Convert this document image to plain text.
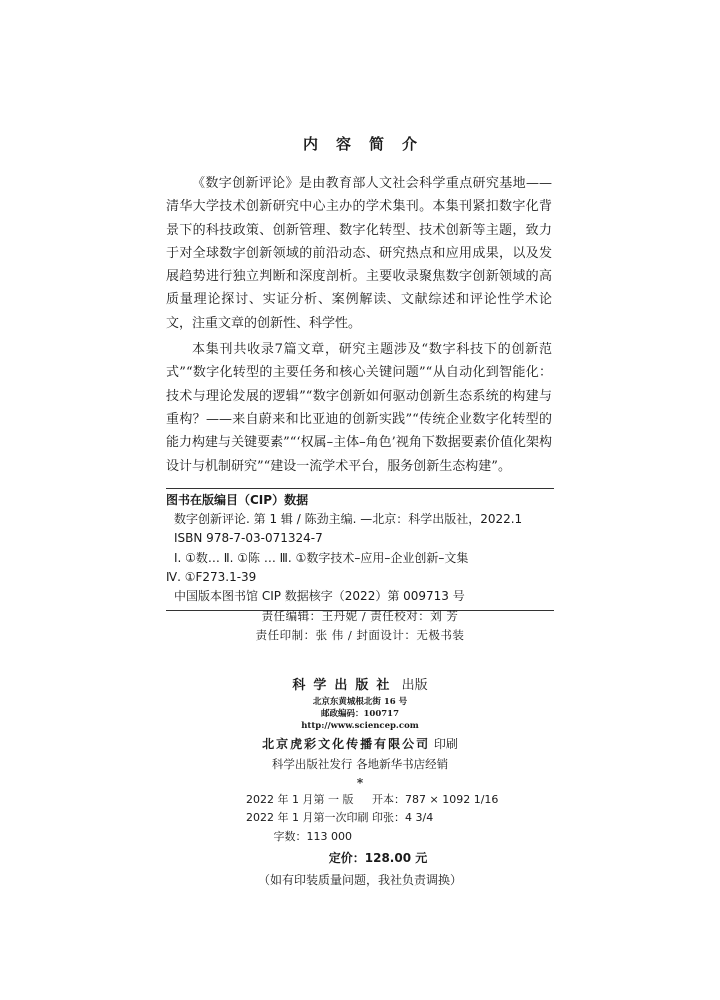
内容简介

《数字创新评论》是由教育部人文社会科学重点研究基地——清华大学技术创新研究中心主办的学术集刊。本集刊紧扣数字化背景下的科技政策、创新管理、数字化转型、技术创新等主题，致力于对全球数字创新领域的前沿动态、研究热点和应用成果，以及发展趋势进行独立判断和深度剖析。主要收录聚焦数字创新领域的高质量理论探讨、实证分析、案例解读、文献综述和评论性学术论文，注重文章的创新性、科学性。

本集刊共收录7篇文章，研究主题涉及“数字科技下的创新范式”“数字化转型的主要任务和核心关键问题”“从自动化到智能化：技术与理论发展的逻辑”“数字创新如何驱动创新生态系统的构建与重构？——来自蔚来和比亚迪的创新实践”“传统企业数字化转型的能力构建与关键要素”“‘权属–主体–角色’视角下数据要素价值化架构设计与机制研究”“建设一流学术平台，服务创新生态构建”。

图书在版编目（CIP）数据
数字创新评论. 第 1 辑 / 陈劲主编. —北京：科学出版社，2022.1
ISBN 978-7-03-071324-7
Ⅰ. ①数… Ⅱ. ①陈 … Ⅲ. ①数字技术–应用–企业创新–文集
Ⅳ. ①F273.1-39
中国版本图书馆 CIP 数据核字（2022）第 009713 号
责任编辑：王丹妮 / 责任校对：刘 芳
责任印制：张 伟 / 封面设计：无极书装
科学出版社 出版
北京东黄城根北街 16 号
邮政编码：100717
http://www.sciencep.com
北京虎彩文化传播有限公司 印刷
科学出版社发行 各地新华书店经销
*
2022 年 1 月第 一 版 开本：787 × 1092 1/16
2022 年 1 月第一次印刷 印张：4 3/4
字数：113 000
定价：128.00 元
（如有印装质量问题，我社负责调换）
